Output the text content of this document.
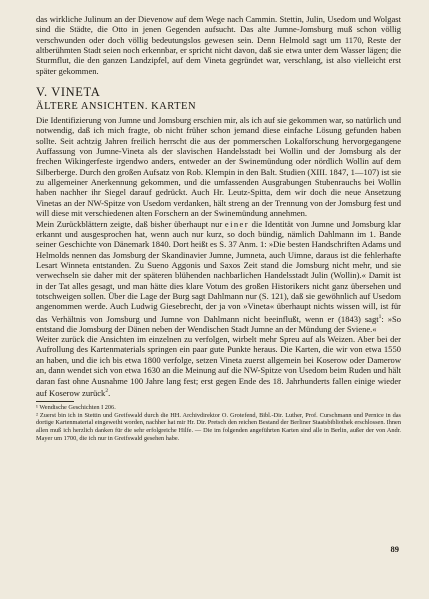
das wirkliche Julinum an der Dievenow auf dem Wege nach Cammin. Stettin, Julin, Usedom und Wolgast sind die Städte, die Otto in jenen Gegenden aufsucht. Das alte Jumne-Jomsburg muß schon völlig verschwunden oder doch völlig bedeutungslos gewesen sein. Denn Helmold sagt um 1170, Reste der altberühmten Stadt seien noch erkennbar, er spricht nicht davon, daß sie etwa unter dem Wasser lägen; die Sturmflut, die den ganzen Landzipfel, auf dem Vineta gegründet war, verschlang, ist also vielleicht erst später gekommen.

V. VINETA
ÄLTERE ANSICHTEN. KARTEN

Die Identifizierung von Jumne und Jomsburg erschien mir, als ich auf sie gekommen war, so natürlich und notwendig, daß ich mich fragte, ob nicht früher schon jemand diese einfache Lösung gefunden haben sollte. Seit achtzig Jahren freilich herrscht die aus der pommerschen Lokalforschung hervorgegangene Auffassung von Jumne-Vineta als der slavischen Handelsstadt bei Wollin und der Jomsburg als der frechen Wikingerfeste irgendwo anders, entweder an der Swinemündung oder nördlich Wollin auf dem Silberberge. Durch den großen Aufsatz von Rob. Klempin in den Balt. Studien (XIII. 1847, 1—107) ist sie zu allgemeiner Anerkennung gekommen, und die umfassenden Ausgrabungen Stubenrauchs bei Wollin haben nachher ihr Siegel darauf gedrückt. Auch Hr. Leutz-Spitta, dem wir doch die neue Ansetzung Vinetas an der NW-Spitze von Usedom verdanken, hält streng an der Trennung von der Jomsburg fest und will diese mit verschiedenen alten Forschern an der Swinemündung annehmen.

Mein Zurückblättern zeigte, daß bisher überhaupt nur einer die Identität von Jumne und Jomsburg klar erkannt und ausgesprochen hat, wenn auch nur kurz, so doch bündig, nämlich Dahlmann im 1. Bande seiner Geschichte von Dänemark 1840. Dort heißt es S. 37 Anm. 1: »Die besten Handschriften Adams und Helmolds nennen das Jomsburg der Skandinavier Jumne, Jumneta, auch Uimne, daraus ist die fehlerhafte Lesart Winneta entstanden. Zu Sueno Aggonis und Saxos Zeit stand die Jomsburg nicht mehr, und sie verwechseln sie daher mit der späteren blühenden nachbarlichen Handelsstadt Julin (Wollin).« Damit ist in der Tat alles gesagt, und man hätte dies klare Votum des großen Historikers nicht ganz übersehen und totschweigen sollen. Über die Lage der Burg sagt Dahlmann nur (S. 121), daß sie gewöhnlich auf Usedom angenommen werde. Auch Ludwig Giesebrecht, der ja von »Vineta« überhaupt nichts wissen will, ist für das Verhältnis von Jomsburg und Jumne von Dahlmann nicht beeinflußt, wenn er (1843) sagt$^1$: »So entstand die Jomsburg der Dänen neben der Wendischen Stadt Jumne an der Mündung der Sviene.«

Weiter zurück die Ansichten im einzelnen zu verfolgen, wirbelt mehr Spreu auf als Weizen. Aber bei der Aufrollung des Kartenmaterials springen ein paar gute Punkte heraus. Die Karten, die wir von etwa 1550 an haben, und die ich bis etwa 1800 verfolge, setzen Vineta zuerst allgemein bei Koserow oder Damerow an, dann wendet sich von etwa 1630 an die Meinung auf die NW-Spitze von Usedom beim Ruden und hält daran fast ohne Ausnahme 100 Jahre lang fest; erst gegen Ende des 18. Jahrhunderts fallen einige wieder auf Koserow zurück$^2$.

¹ Wendische Geschichten I 206.

² Zuerst bin ich in Stettin und Greifswald durch die HH. Archivdirektor O. Grotefend, Bibl.-Dir. Luther, Prof. Curschmann und Pernice in das dortige Kartenmaterial eingeweiht worden, nachher hat mir Hr. Dir. Pretsch den reichen Bestand der Berliner Staatsbibliothek erschlossen. Ihnen allen muß ich herzlich danken für die sehr erfolgreiche Hilfe. — Die im folgenden angeführten Karten sind alle in Berlin, außer der von Andr. Mayer um 1700, die ich nur in Greifswald gesehen habe.

89
